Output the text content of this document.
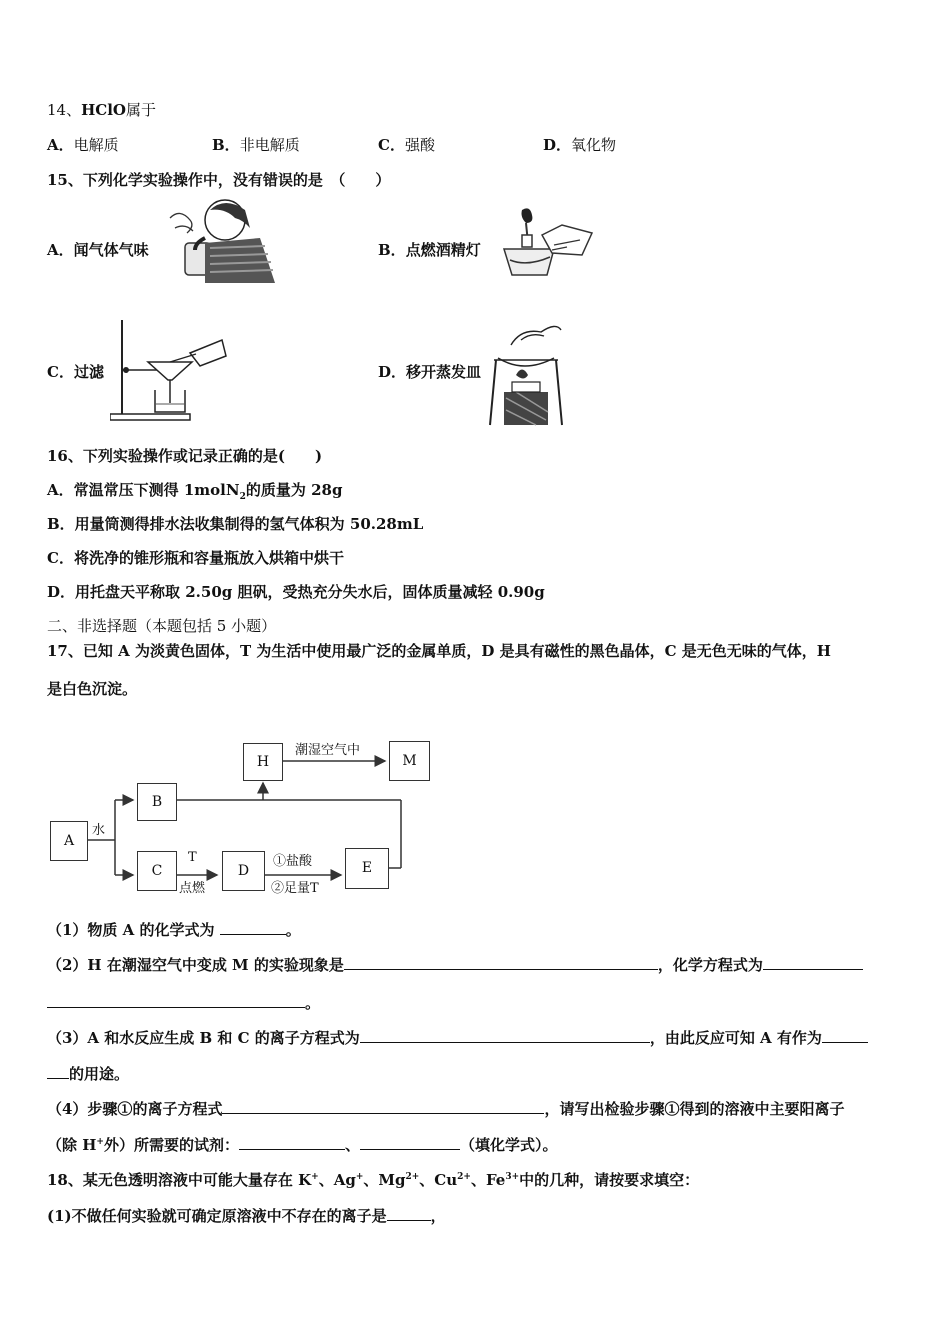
14、HClO属于
A．电解质	B．非电解质	C．强酸	D．氧化物
15、下列化学实验操作中，没有错误的是　（　　）
A．闻气体气味	B．点燃酒精灯
C．过滤	D．移开蒸发皿
16、下列实验操作或记录正确的是(　　)
A．常温常压下测得 1molN$_2$的质量为 28g
B．用量筒测得排水法收集制得的氢气体积为 50.28mL
C．将洗净的锥形瓶和容量瓶放入烘箱中烘干
D．用托盘天平称取 2.50g 胆矾，受热充分失水后，固体质量减轻 0.90g
二、非选择题（本题包括 5 小题）
17、已知 A 为淡黄色固体，T 为生活中使用最广泛的金属单质，D 是具有磁性的黑色晶体，C 是无色无味的气体，H
是白色沉淀。
A
B
C	D	E
H	M
水
T
点燃
①盐酸
②足量T
潮湿空气中
（1）物质 A 的化学式为	。
（2）H 在潮湿空气中变成 M 的实验现象是	，化学方程式为
。
（3）A 和水反应生成 B 和 C 的离子方程式为	，由此反应可知 A 有作为
的用途。
（4）步骤①的离子方程式	，请写出检验步骤①得到的溶液中主要阳离子
（除 H+外）所需要的试剂：	、	（填化学式）。
18、某无色透明溶液中可能大量存在 K+、Ag+、$Mg^{2+}$、$Cu^{2+}$、$Fe^{3+}$中的几种，请按要求填空：
(1)不做任何实验就可确定原溶液中不存在的离子是	，
